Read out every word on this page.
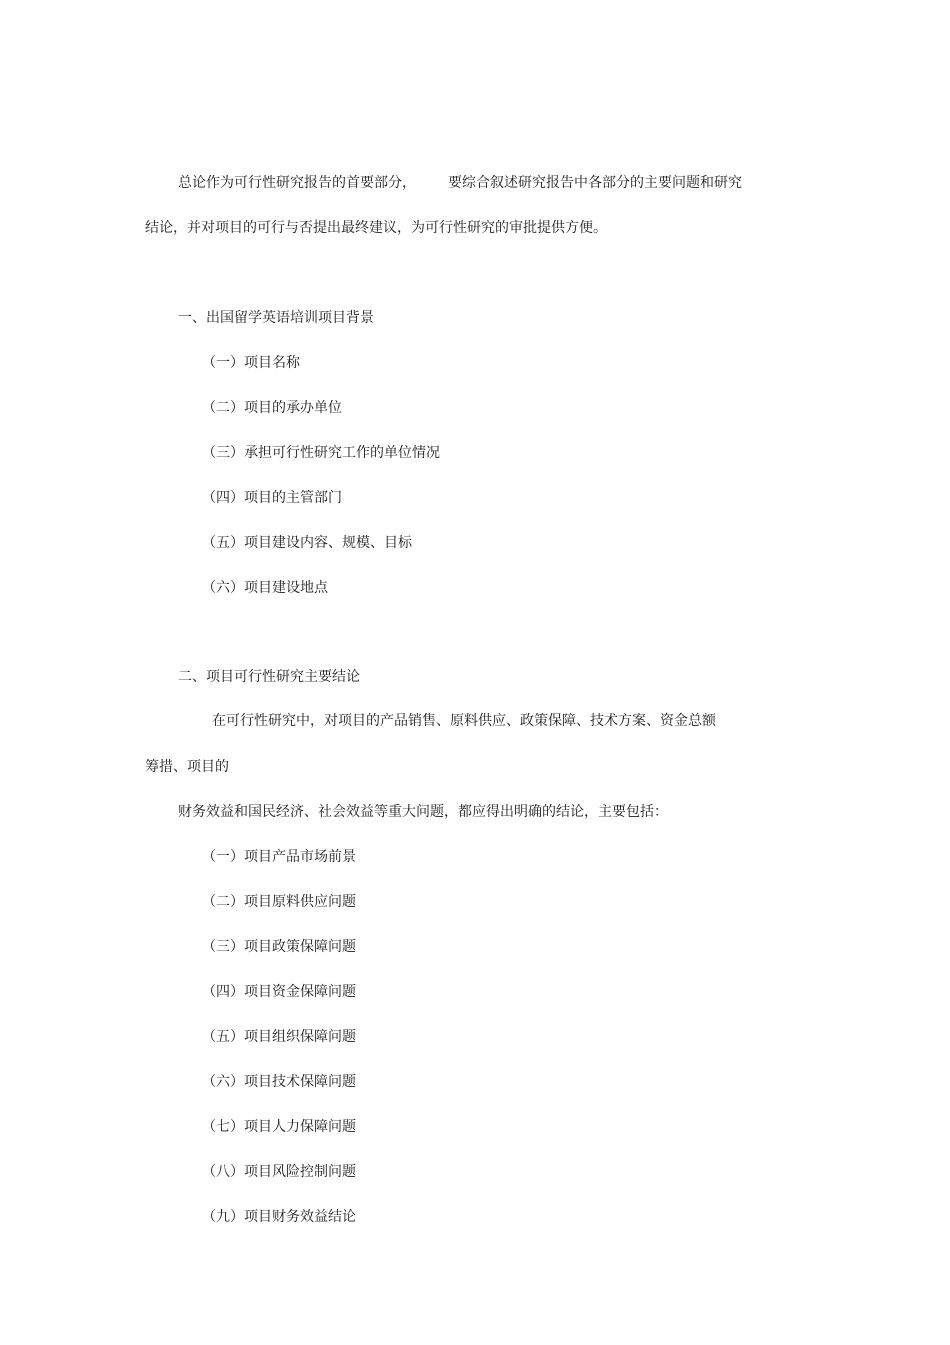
总论作为可行性研究报告的首要部分， 要综合叙述研究报告中各部分的主要问题和研究

结论，并对项目的可行与否提出最终建议，为可行性研究的审批提供方便。

一、出国留学英语培训项目背景

（一）项目名称

（二）项目的承办单位

（三）承担可行性研究工作的单位情况

（四）项目的主管部门

（五）项目建设内容、规模、目标

（六）项目建设地点

二、项目可行性研究主要结论

在可行性研究中，对项目的产品销售、原料供应、政策保障、技术方案、资金总额

筹措、项目的

财务效益和国民经济、社会效益等重大问题，都应得出明确的结论，主要包括：

（一）项目产品市场前景

（二）项目原料供应问题

（三）项目政策保障问题

（四）项目资金保障问题

（五）项目组织保障问题

（六）项目技术保障问题

（七）项目人力保障问题

（八）项目风险控制问题

（九）项目财务效益结论
